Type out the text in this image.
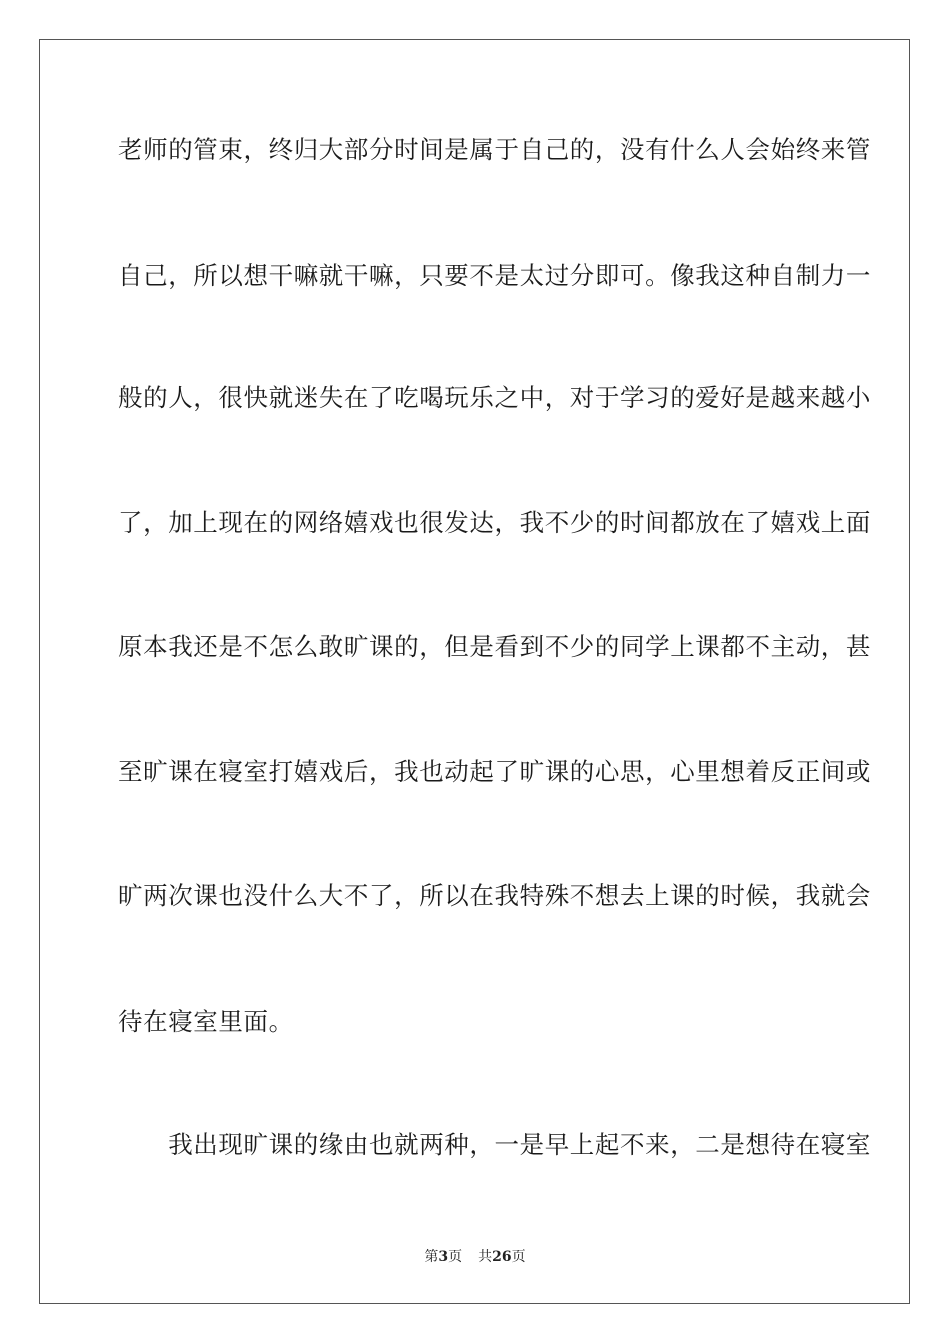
老师的管束，终归大部分时间是属于自己的，没有什么人会始终来管
自己，所以想干嘛就干嘛，只要不是太过分即可。像我这种自制力一
般的人，很快就迷失在了吃喝玩乐之中，对于学习的爱好是越来越小
了，加上现在的网络嬉戏也很发达，我不少的时间都放在了嬉戏上面
原本我还是不怎么敢旷课的，但是看到不少的同学上课都不主动，甚
至旷课在寝室打嬉戏后，我也动起了旷课的心思，心里想着反正间或
旷两次课也没什么大不了，所以在我特殊不想去上课的时候，我就会
待在寝室里面。
　　我出现旷课的缘由也就两种，一是早上起不来，二是想待在寝室
第3页 共26页
